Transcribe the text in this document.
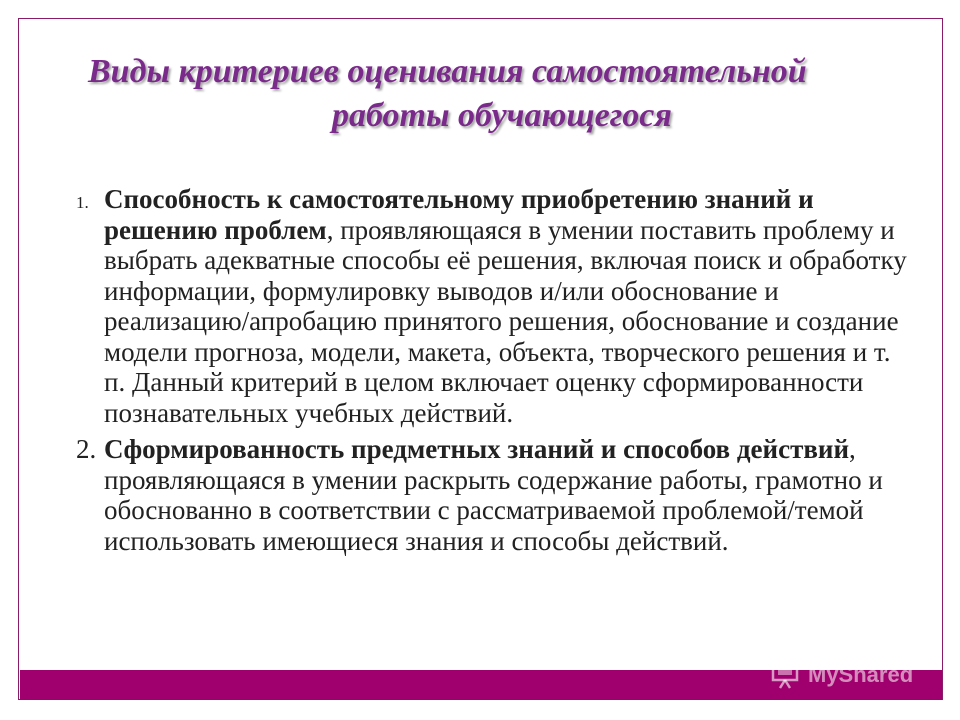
Виды критериев оценивания самостоятельной
работы обучающегося
1. Способность к самостоятельному приобретению знаний и решению проблем, проявляющаяся в умении поставить проблему и выбрать адекватные способы её решения, включая поиск и обработку информации, формулировку выводов и/или обоснование и реализацию/апробацию принятого решения, обоснование и создание модели прогноза, модели, макета, объекта, творческого решения и т. п. Данный критерий в целом включает оценку сформированности познавательных учебных действий.
2. Сформированность предметных знаний и способов действий, проявляющаяся в умении раскрыть содержание работы, грамотно и обоснованно в соответствии с рассматриваемой проблемой/темой использовать имеющиеся знания и способы действий.
MyShared
